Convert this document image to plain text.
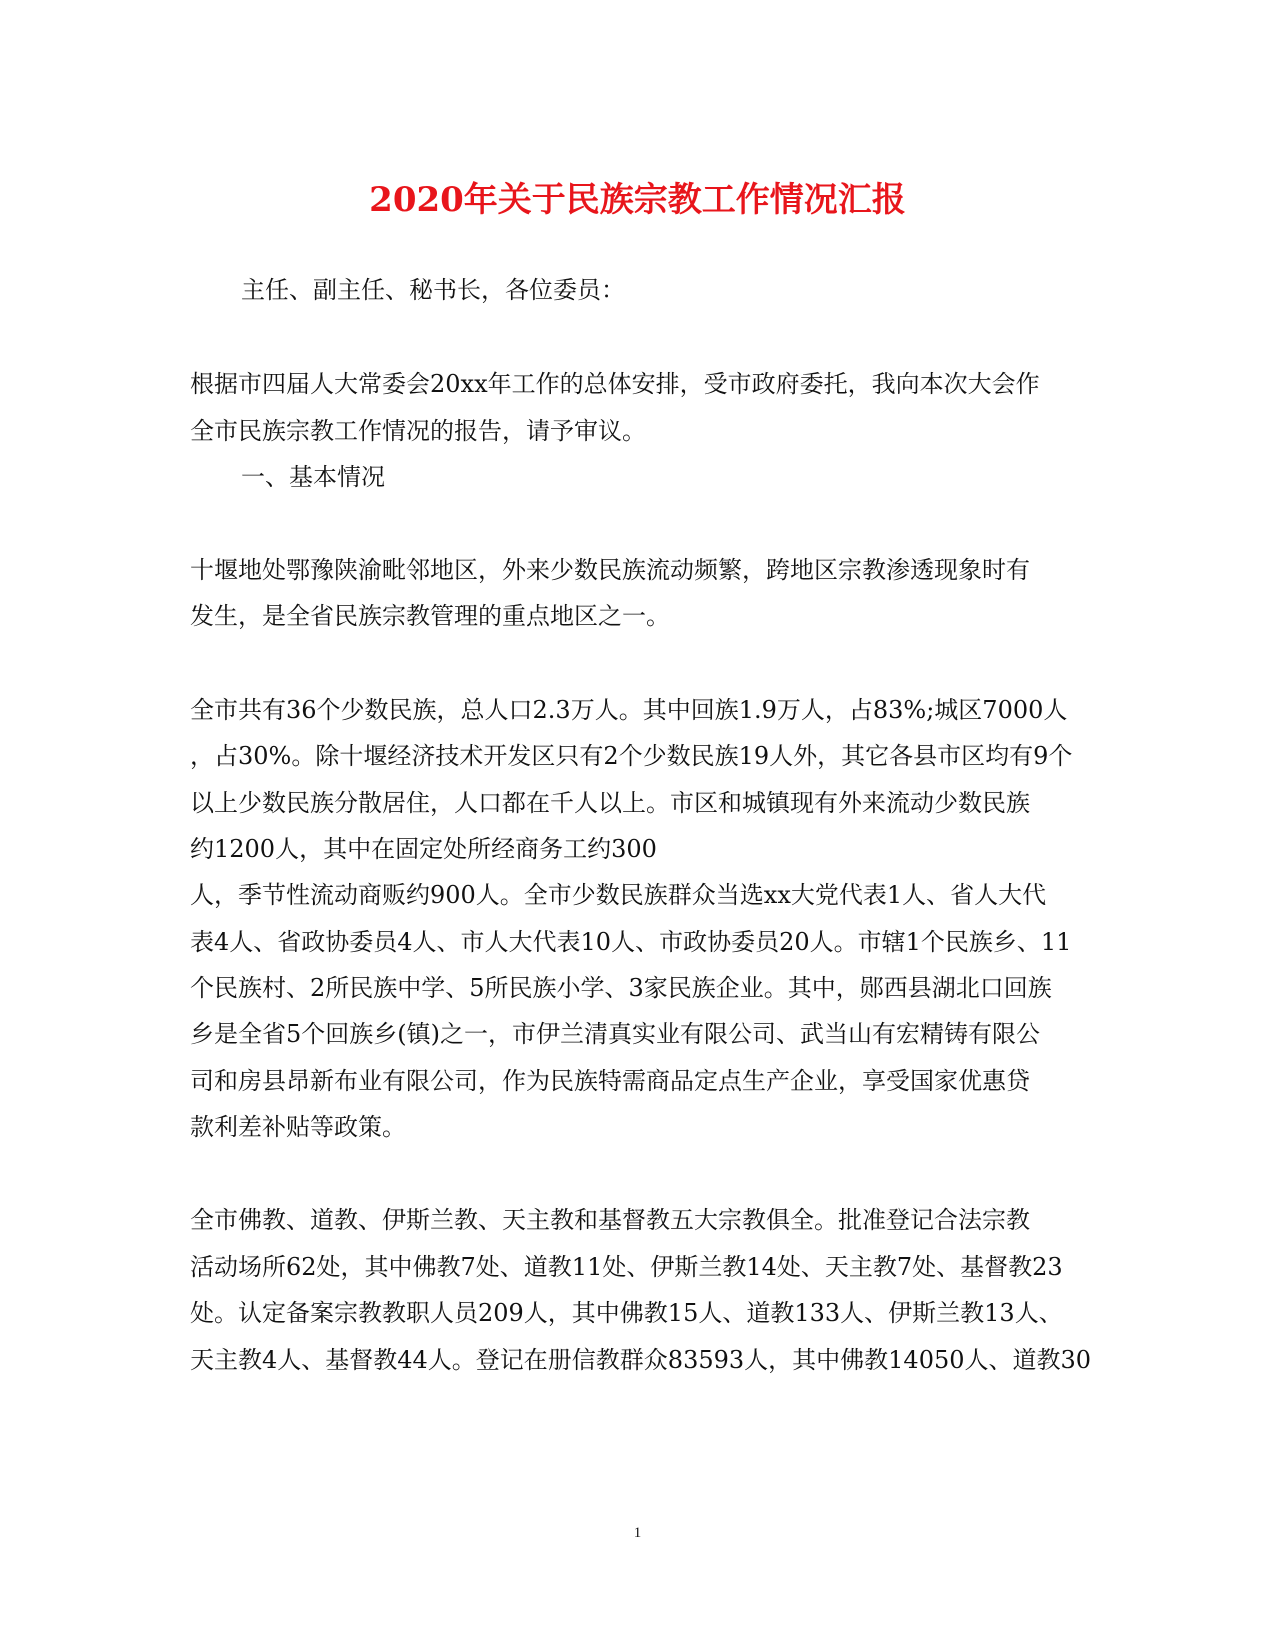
2020年关于民族宗教工作情况汇报

主任、副主任、秘书长，各位委员：

根据市四届人大常委会20xx年工作的总体安排，受市政府委托，我向本次大会作

全市民族宗教工作情况的报告，请予审议。

一、基本情况

十堰地处鄂豫陕渝毗邻地区，外来少数民族流动频繁，跨地区宗教渗透现象时有

发生，是全省民族宗教管理的重点地区之一。

全市共有36个少数民族，总人口2.3万人。其中回族1.9万人，占83%;城区7000人

，占30%。除十堰经济技术开发区只有2个少数民族19人外，其它各县市区均有9个

以上少数民族分散居住，人口都在千人以上。市区和城镇现有外来流动少数民族

约1200人，其中在固定处所经商务工约300

人，季节性流动商贩约900人。全市少数民族群众当选xx大党代表1人、省人大代

表4人、省政协委员4人、市人大代表10人、市政协委员20人。市辖1个民族乡、11

个民族村、2所民族中学、5所民族小学、3家民族企业。其中，郧西县湖北口回族

乡是全省5个回族乡(镇)之一，市伊兰清真实业有限公司、武当山有宏精铸有限公

司和房县昂新布业有限公司，作为民族特需商品定点生产企业，享受国家优惠贷

款利差补贴等政策。

全市佛教、道教、伊斯兰教、天主教和基督教五大宗教俱全。批准登记合法宗教

活动场所62处，其中佛教7处、道教11处、伊斯兰教14处、天主教7处、基督教23

处。认定备案宗教教职人员209人，其中佛教15人、道教133人、伊斯兰教13人、

天主教4人、基督教44人。登记在册信教群众83593人，其中佛教14050人、道教30

1
